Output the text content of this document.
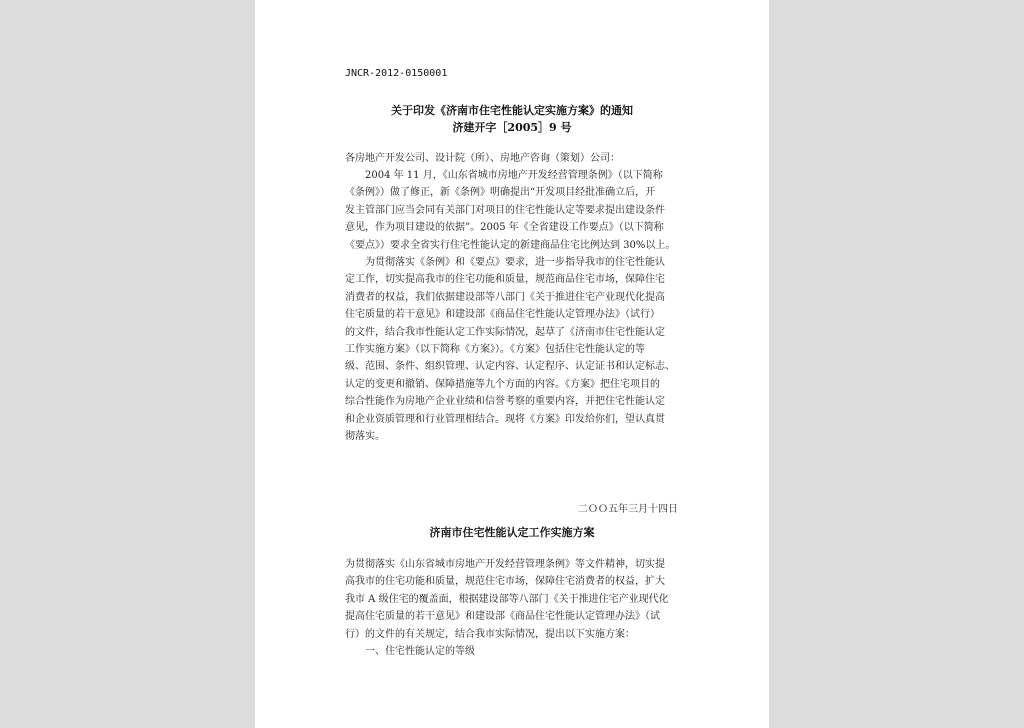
JNCR-2012-0150001
关于印发《济南市住宅性能认定实施方案》的通知
济建开字［2005］9 号
各房地产开发公司、设计院（所）、房地产咨询（策划）公司：
2004 年 11 月，《山东省城市房地产开发经营管理条例》（以下简称
《条例》）做了修正，新《条例》明确提出“开发项目经批准确立后，开
发主管部门应当会同有关部门对项目的住宅性能认定等要求提出建设条件
意见，作为项目建设的依据”。2005 年《全省建设工作要点》（以下简称
《要点》）要求全省实行住宅性能认定的新建商品住宅比例达到 30%以上。
为贯彻落实《条例》和《要点》要求，进一步指导我市的住宅性能认
定工作，切实提高我市的住宅功能和质量，规范商品住宅市场，保障住宅
消费者的权益，我们依据建设部等八部门《关于推进住宅产业现代化提高
住宅质量的若干意见》和建设部《商品住宅性能认定管理办法》（试行）
的文件，结合我市性能认定工作实际情况，起草了《济南市住宅性能认定
工作实施方案》（以下简称《方案》）。《方案》包括住宅性能认定的等
级、范围、条件、组织管理、认定内容、认定程序、认定证书和认定标志、
认定的变更和撤销、保障措施等九个方面的内容。《方案》把住宅项目的
综合性能作为房地产企业业绩和信誉考察的重要内容，并把住宅性能认定
和企业资质管理和行业管理相结合。现将《方案》印发给你们，望认真贯
彻落实。
二ＯＯ五年三月十四日
济南市住宅性能认定工作实施方案
为贯彻落实《山东省城市房地产开发经营管理条例》等文件精神，切实提
高我市的住宅功能和质量，规范住宅市场，保障住宅消费者的权益，扩大
我市 A 级住宅的覆盖面，根据建设部等八部门《关于推进住宅产业现代化
提高住宅质量的若干意见》和建设部《商品住宅性能认定管理办法》（试
行）的文件的有关规定，结合我市实际情况，提出以下实施方案：
一、住宅性能认定的等级
